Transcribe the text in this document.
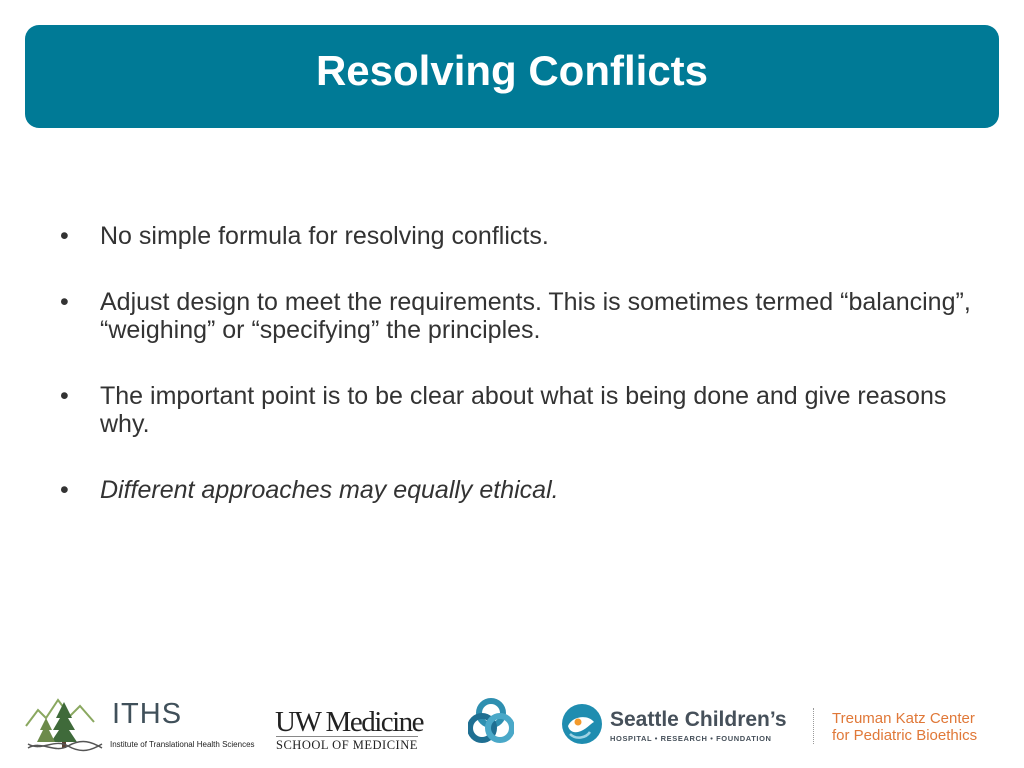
Resolving Conflicts
• No simple formula for resolving conflicts.
• Adjust design to meet the requirements. This is sometimes termed “balancing”, “weighing” or “specifying” the principles.
• The important point is to be clear about what is being done and give reasons why.
• Different approaches may equally ethical.
ITHS
Institute of Translational Health Sciences
UW Medicine
SCHOOL OF MEDICINE
Seattle Children’s
HOSPITAL • RESEARCH • FOUNDATION
Treuman Katz Center
for Pediatric Bioethics
